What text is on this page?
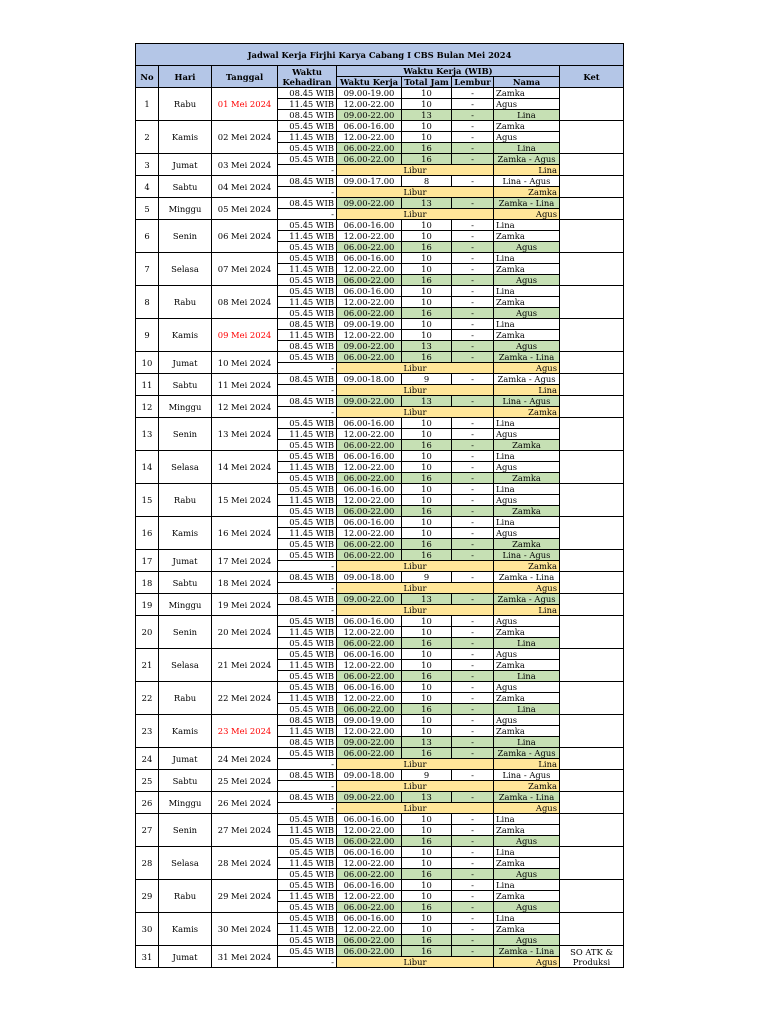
Jadwal Kerja Firjhi Karya Cabang I CBS Bulan Mei 2024								
No	Hari	Tanggal	Waktu Kehadiran	Waktu Kerja (WIB)				Ket
				Waktu Kerja	Total Jam	Lembur	Nama	
1	Rabu	01 Mei 2024	08.45 WIB	09.00-19.00	10	-	Zamka	
			11.45 WIB	12.00-22.00	10	-	Agus	
			08.45 WIB	09.00-22.00	13	-	Lina	
2	Kamis	02 Mei 2024	05.45 WIB	06.00-16.00	10	-	Zamka	
			11.45 WIB	12.00-22.00	10	-	Agus	
			05.45 WIB	06.00-22.00	16	-	Lina	
3	Jumat	03 Mei 2024	05.45 WIB	06.00-22.00	16	-	Zamka - Agus	
			-	Libur			Lina	
4	Sabtu	04 Mei 2024	08.45 WIB	09.00-17.00	8	-	Lina - Agus	
			-	Libur			Zamka	
5	Minggu	05 Mei 2024	08.45 WIB	09.00-22.00	13	-	Zamka - Lina	
			-	Libur			Agus	
6	Senin	06 Mei 2024	05.45 WIB	06.00-16.00	10	-	Lina	
			11.45 WIB	12.00-22.00	10	-	Zamka	
			05.45 WIB	06.00-22.00	16	-	Agus	
7	Selasa	07 Mei 2024	05.45 WIB	06.00-16.00	10	-	Lina	
			11.45 WIB	12.00-22.00	10	-	Zamka	
			05.45 WIB	06.00-22.00	16	-	Agus	
8	Rabu	08 Mei 2024	05.45 WIB	06.00-16.00	10	-	Lina	
			11.45 WIB	12.00-22.00	10	-	Zamka	
			05.45 WIB	06.00-22.00	16	-	Agus	
9	Kamis	09 Mei 2024	08.45 WIB	09.00-19.00	10	-	Lina	
			11.45 WIB	12.00-22.00	10	-	Zamka	
			08.45 WIB	09.00-22.00	13	-	Agus	
10	Jumat	10 Mei 2024	05.45 WIB	06.00-22.00	16	-	Zamka - Lina	
			-	Libur			Agus	
11	Sabtu	11 Mei 2024	08.45 WIB	09.00-18.00	9	-	Zamka - Agus	
			-	Libur			Lina	
12	Minggu	12 Mei 2024	08.45 WIB	09.00-22.00	13	-	Lina - Agus	
			-	Libur			Zamka	
13	Senin	13 Mei 2024	05.45 WIB	06.00-16.00	10	-	Lina	
			11.45 WIB	12.00-22.00	10	-	Agus	
			05.45 WIB	06.00-22.00	16	-	Zamka	
14	Selasa	14 Mei 2024	05.45 WIB	06.00-16.00	10	-	Lina	
			11.45 WIB	12.00-22.00	10	-	Agus	
			05.45 WIB	06.00-22.00	16	-	Zamka	
15	Rabu	15 Mei 2024	05.45 WIB	06.00-16.00	10	-	Lina	
			11.45 WIB	12.00-22.00	10	-	Agus	
			05.45 WIB	06.00-22.00	16	-	Zamka	
16	Kamis	16 Mei 2024	05.45 WIB	06.00-16.00	10	-	Lina	
			11.45 WIB	12.00-22.00	10	-	Agus	
			05.45 WIB	06.00-22.00	16	-	Zamka	
17	Jumat	17 Mei 2024	05.45 WIB	06.00-22.00	16	-	Lina - Agus	
			-	Libur			Zamka	
18	Sabtu	18 Mei 2024	08.45 WIB	09.00-18.00	9	-	Zamka - Lina	
			-	Libur			Agus	
19	Minggu	19 Mei 2024	08.45 WIB	09.00-22.00	13	-	Zamka - Agus	
			-	Libur			Lina	
20	Senin	20 Mei 2024	05.45 WIB	06.00-16.00	10	-	Agus	
			11.45 WIB	12.00-22.00	10	-	Zamka	
			05.45 WIB	06.00-22.00	16	-	Lina	
21	Selasa	21 Mei 2024	05.45 WIB	06.00-16.00	10	-	Agus	
			11.45 WIB	12.00-22.00	10	-	Zamka	
			05.45 WIB	06.00-22.00	16	-	Lina	
22	Rabu	22 Mei 2024	05.45 WIB	06.00-16.00	10	-	Agus	
			11.45 WIB	12.00-22.00	10	-	Zamka	
			05.45 WIB	06.00-22.00	16	-	Lina	
23	Kamis	23 Mei 2024	08.45 WIB	09.00-19.00	10	-	Agus	
			11.45 WIB	12.00-22.00	10	-	Zamka	
			08.45 WIB	09.00-22.00	13	-	Lina	
24	Jumat	24 Mei 2024	05.45 WIB	06.00-22.00	16	-	Zamka - Agus	
			-	Libur			Lina	
25	Sabtu	25 Mei 2024	08.45 WIB	09.00-18.00	9	-	Lina - Agus	
			-	Libur			Zamka	
26	Minggu	26 Mei 2024	08.45 WIB	09.00-22.00	13	-	Zamka - Lina	
			-	Libur			Agus	
27	Senin	27 Mei 2024	05.45 WIB	06.00-16.00	10	-	Lina	
			11.45 WIB	12.00-22.00	10	-	Zamka	
			05.45 WIB	06.00-22.00	16	-	Agus	
28	Selasa	28 Mei 2024	05.45 WIB	06.00-16.00	10	-	Lina	
			11.45 WIB	12.00-22.00	10	-	Zamka	
			05.45 WIB	06.00-22.00	16	-	Agus	
29	Rabu	29 Mei 2024	05.45 WIB	06.00-16.00	10	-	Lina	
			11.45 WIB	12.00-22.00	10	-	Zamka	
			05.45 WIB	06.00-22.00	16	-	Agus	
30	Kamis	30 Mei 2024	05.45 WIB	06.00-16.00	10	-	Lina	
			11.45 WIB	12.00-22.00	10	-	Zamka	
			05.45 WIB	06.00-22.00	16	-	Agus	
31	Jumat	31 Mei 2024	05.45 WIB	06.00-22.00	16	-	Zamka - Lina	SO ATK & Produksi
			-	Libur			Agus	
